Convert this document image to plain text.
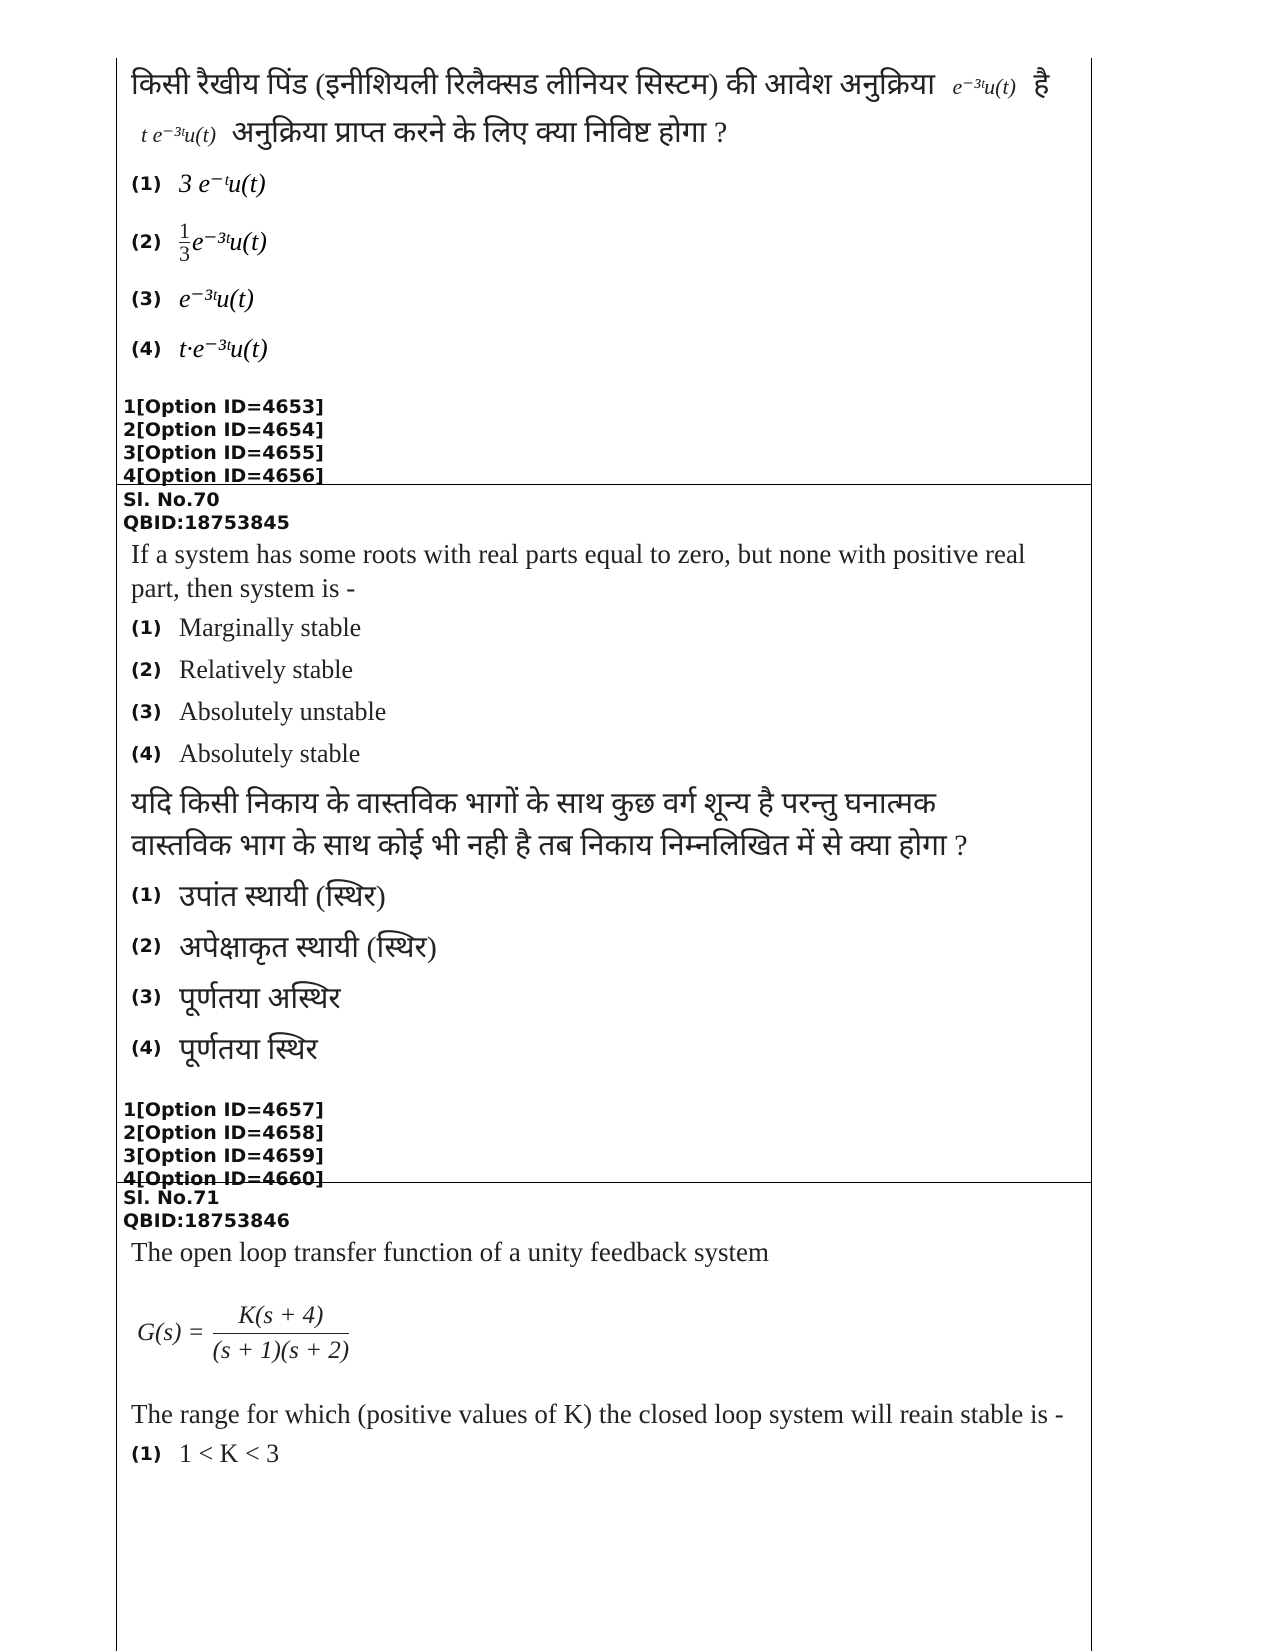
किसी रैखीय पिंड (इनीशियली रिलैक्सड लीनियर सिस्टम) की आवेश अनुक्रिया e⁻³ᵗu(t) है
t e⁻³ᵗu(t) अनुक्रिया प्राप्त करने के लिए क्या निविष्ट होगा ?
(1) 3 e⁻ᵗu(t)
$(2) \frac{1}{3}$ e⁻³ᵗu(t)
(3) e⁻³ᵗu(t)
(4) t·e⁻³ᵗu(t)
1[Option ID=4653]
2[Option ID=4654]
3[Option ID=4655]
4[Option ID=4656]
Sl. No.70
QBID:18753845
If a system has some roots with real parts equal to zero, but none with positive real part, then system is -
(1) Marginally stable
(2) Relatively stable
(3) Absolutely unstable
(4) Absolutely stable
यदि किसी निकाय के वास्तविक भागों के साथ कुछ वर्ग शून्य है परन्तु घनात्मक वास्तविक भाग के साथ कोई भी नही है तब निकाय निम्नलिखित में से क्या होगा ?
(1) उपांत स्थायी (स्थिर)
(2) अपेक्षाकृत स्थायी (स्थिर)
(3) पूर्णतया अस्थिर
(4) पूर्णतया स्थिर
1[Option ID=4657]
2[Option ID=4658]
3[Option ID=4659]
4[Option ID=4660]
Sl. No.71
QBID:18753846
The open loop transfer function of a unity feedback system
G(s) =
K(s + 4)
(s + 1)(s + 2)
The range for which (positive values of K) the closed loop system will reain stable is -
(1) 1 < K < 3
